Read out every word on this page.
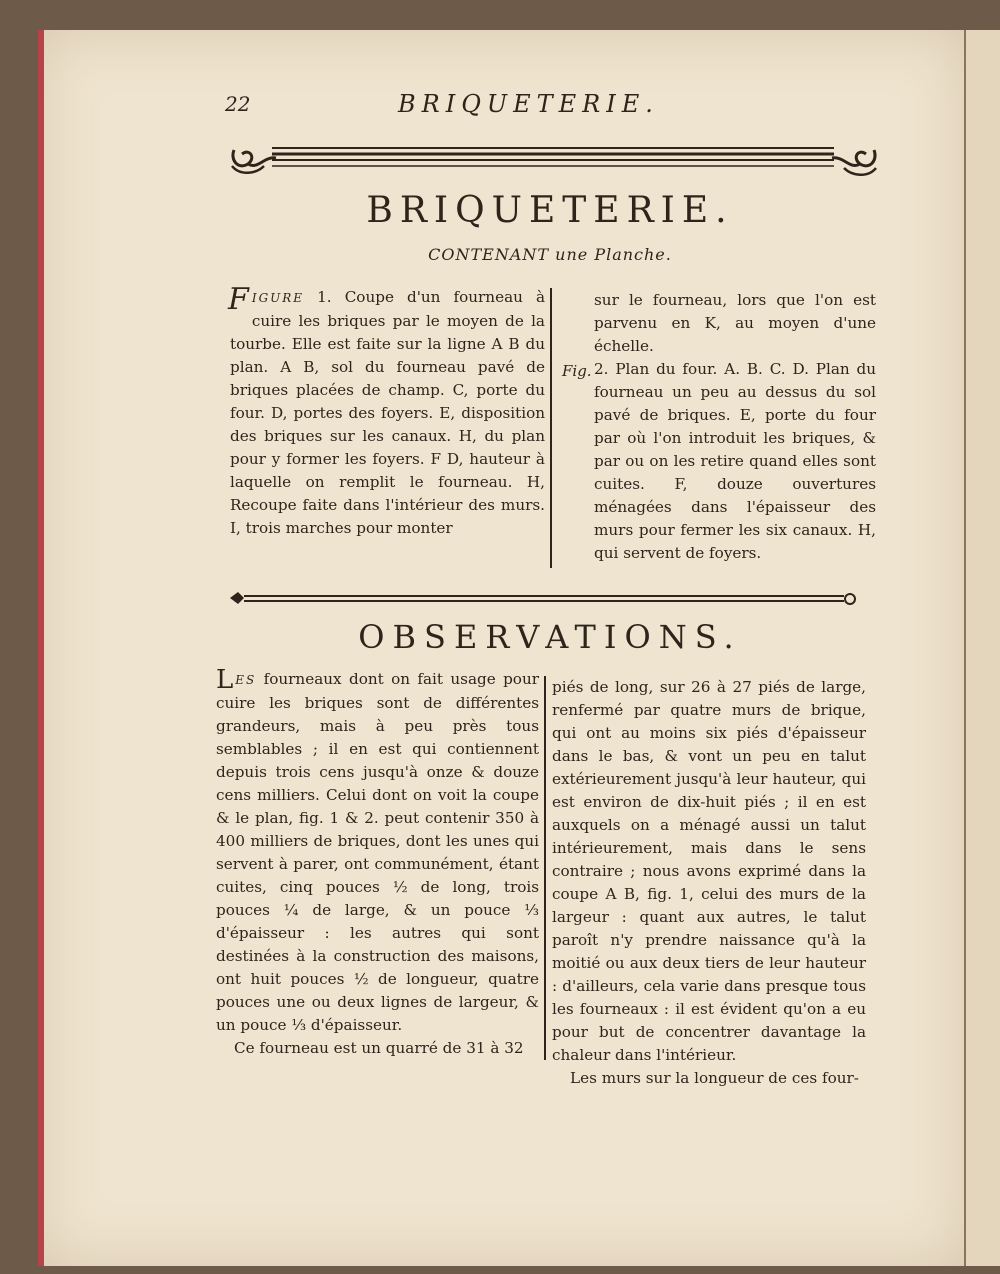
22	BRIQUETERIE.
BRIQUETERIE.
CONTENANT une Planche.

F IGURE 1. Coupe d'un fourneau à cuire les briques par le moyen de la tourbe. Elle est faite sur la ligne A B du plan. A B, sol du fourneau pavé de briques placées de champ. C, porte du four. D, portes des foyers. E, disposition des briques sur les canaux. H, du plan pour y former les foyers. F D, hauteur à laquelle on remplit le fourneau. H, Recoupe faite dans l'intérieur des murs. I, trois marches pour monter

sur le fourneau, lors que l'on est parvenu en K, au moyen d'une échelle.

2. Plan du four. A. B. C. D. Plan du fourneau un peu au dessus du sol pavé de briques. E, porte du four par où l'on introduit les briques, & par ou on les retire quand elles sont cuites. F, douze ouvertures ménagées dans l'épaisseur des murs pour fermer les six canaux. H, qui servent de foyers.

Fig.
OBSERVATIONS.

L ES fourneaux dont on fait usage pour cuire les briques sont de différentes grandeurs, mais à peu près tous semblables ; il en est qui contiennent depuis trois cens jusqu'à onze & douze cens milliers. Celui dont on voit la coupe & le plan, fig. 1 & 2. peut contenir 350 à 400 milliers de briques, dont les unes qui servent à parer, ont communément, étant cuites, cinq pouces ½ de long, trois pouces ¼ de large, & un pouce ⅓ d'épaisseur : les autres qui sont destinées à la construction des maisons, ont huit pouces ½ de longueur, quatre pouces une ou deux lignes de largeur, & un pouce ⅓ d'épaisseur.

Ce fourneau est un quarré de 31 à 32

piés de long, sur 26 à 27 piés de large, renfermé par quatre murs de brique, qui ont au moins six piés d'épaisseur dans le bas, & vont un peu en talut extérieurement jusqu'à leur hauteur, qui est environ de dix-huit piés ; il en est auxquels on a ménagé aussi un talut intérieurement, mais dans le sens contraire ; nous avons exprimé dans la coupe A B, fig. 1, celui des murs de la largeur : quant aux autres, le talut paroît n'y prendre naissance qu'à la moitié ou aux deux tiers de leur hauteur : d'ailleurs, cela varie dans presque tous les fourneaux : il est évident qu'on a eu pour but de concentrer davantage la chaleur dans l'intérieur.

Les murs sur la longueur de ces four-
